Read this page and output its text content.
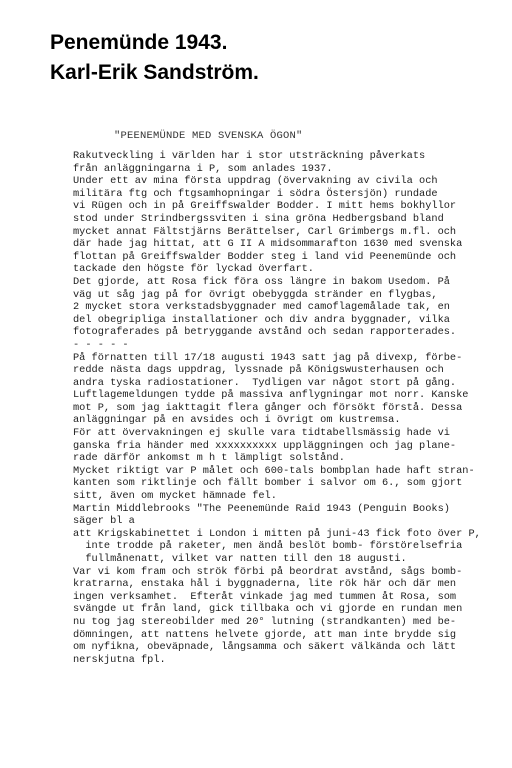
Penemünde 1943.
Karl-Erik Sandström.
"PEENEMÜNDE MED SVENSKA ÖGON"
Rakutveckling i världen har i stor utsträckning påverkats
från anläggningarna i P, som anlades 1937.
Under ett av mina första uppdrag (övervakning av civila och
militära ftg och ftgsamhopningar i södra Östersjön) rundade
vi Rügen och in på Greiffswalder Bodder. I mitt hems bokhyllor
stod under Strindbergssviten i sina gröna Hedbergsband bland
mycket annat Fältstjärns Berättelser, Carl Grimbergs m.fl. och
där hade jag hittat, att G II A midsommarafton 1630 med svenska
flottan på Greiffswalder Bodder steg i land vid Peenemünde och
tackade den högste för lyckad överfart.
Det gjorde, att Rosa fick föra oss längre in bakom Usedom. På
väg ut såg jag på for övrigt obebyggda stränder en flygbas,
2 mycket stora verkstadsbyggnader med camoflagemålade tak, en
del obegripliga installationer och div andra byggnader, vilka
fotograferades på betryggande avstånd och sedan rapporterades.
- - - - -
På förnatten till 17/18 augusti 1943 satt jag på divexp, förbe-
redde nästa dags uppdrag, lyssnade på Königswusterhausen och
andra tyska radiostationer.  Tydligen var något stort på gång.
Luftlagemeldungen tydde på massiva anflygningar mot norr. Kanske
mot P, som jag iakttagit flera gånger och försökt förstå. Dessa
anläggningar på en avsides och i övrigt om kustremsa.
För att övervakningen ej skulle vara tidtabellsmässig hade vi
ganska fria händer med xxxxxxxxxx uppläggningen och jag plane-
rade därför ankomst m h t lämpligt solstånd.
Mycket riktigt var P målet och 600-tals bombplan hade haft stran-
kanten som riktlinje och fällt bomber i salvor om 6., som gjort
sitt, även om mycket hämnade fel.
Martin Middlebrooks "The Peenemünde Raid 1943 (Penguin Books)
säger bl a
att Krigskabinettet i London i mitten på juni-43 fick foto över P,
inte trodde på raketer, men ändå beslöt bomb- förstörelsefria
fullmånenatt, vilket var natten till den 18 augusti.
Var vi kom fram och strök förbi på beordrat avstånd, sågs bomb-
kratrarna, enstaka hål i byggnaderna, lite rök här och där men
ingen verksamhet.  Efteråt vinkade jag med tummen åt Rosa, som
svängde ut från land, gick tillbaka och vi gjorde en rundan men
nu tog jag stereobilder med 20° lutning (strandkanten) med be-
dömningen, att nattens helvete gjorde, att man inte brydde sig
om nyfikna, obeväpnade, långsamma och säkert välkända och lätt
nerskjutna fpl.
